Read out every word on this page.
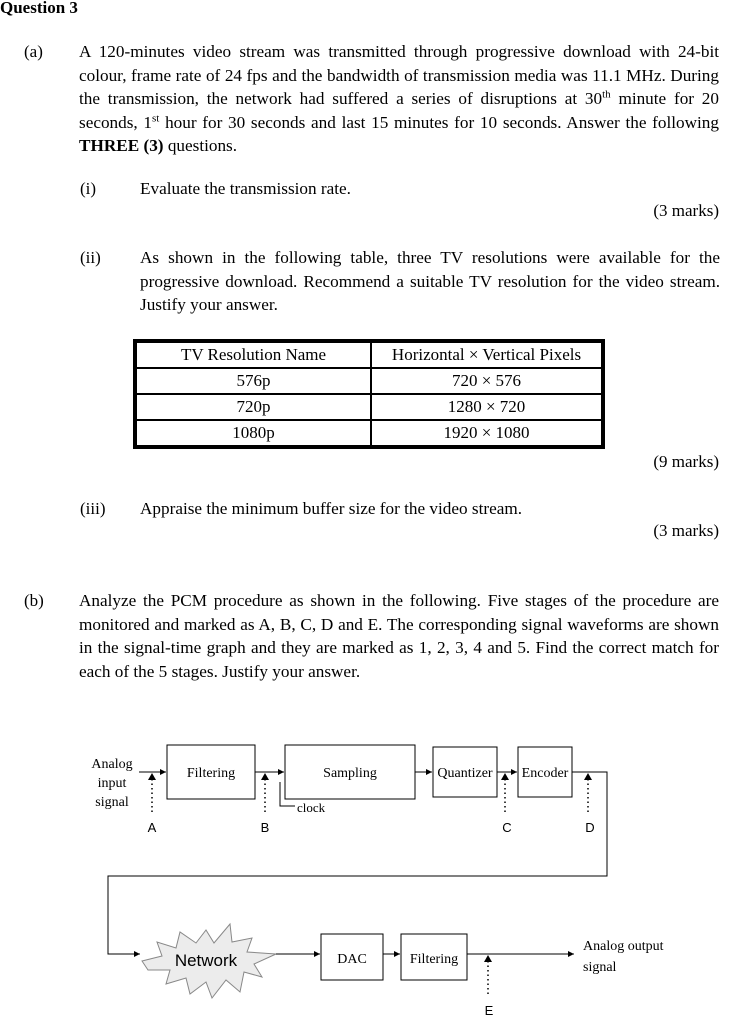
Question 3
(a) A 120-minutes video stream was transmitted through progressive download with 24-bit colour, frame rate of 24 fps and the bandwidth of transmission media was 11.1 MHz. During the transmission, the network had suffered a series of disruptions at 30th minute for 20 seconds, 1st hour for 30 seconds and last 15 minutes for 10 seconds. Answer the following THREE (3) questions.
(i)	Evaluate the transmission rate.
(3 marks)
(ii) As shown in the following table, three TV resolutions were available for the progressive download. Recommend a suitable TV resolution for the video stream. Justify your answer.
TV Resolution Name	Horizontal × Vertical Pixels
576p	720 × 576
720p	1280 × 720
1080p	1920 × 1080
(9 marks)
(iii) Appraise the minimum buffer size for the video stream.
(3 marks)
(b) Analyze the PCM procedure as shown in the following. Five stages of the procedure are monitored and marked as A, B, C, D and E. The corresponding signal waveforms are shown in the signal-time graph and they are marked as 1, 2, 3, 4 and 5. Find the correct match for each of the 5 stages. Justify your answer.
Analog
input
signal
Filtering	Sampling
clock
Quantizer Encoder
A	B	C	D
Network	DAC	Filtering
E
Analog output
signal
